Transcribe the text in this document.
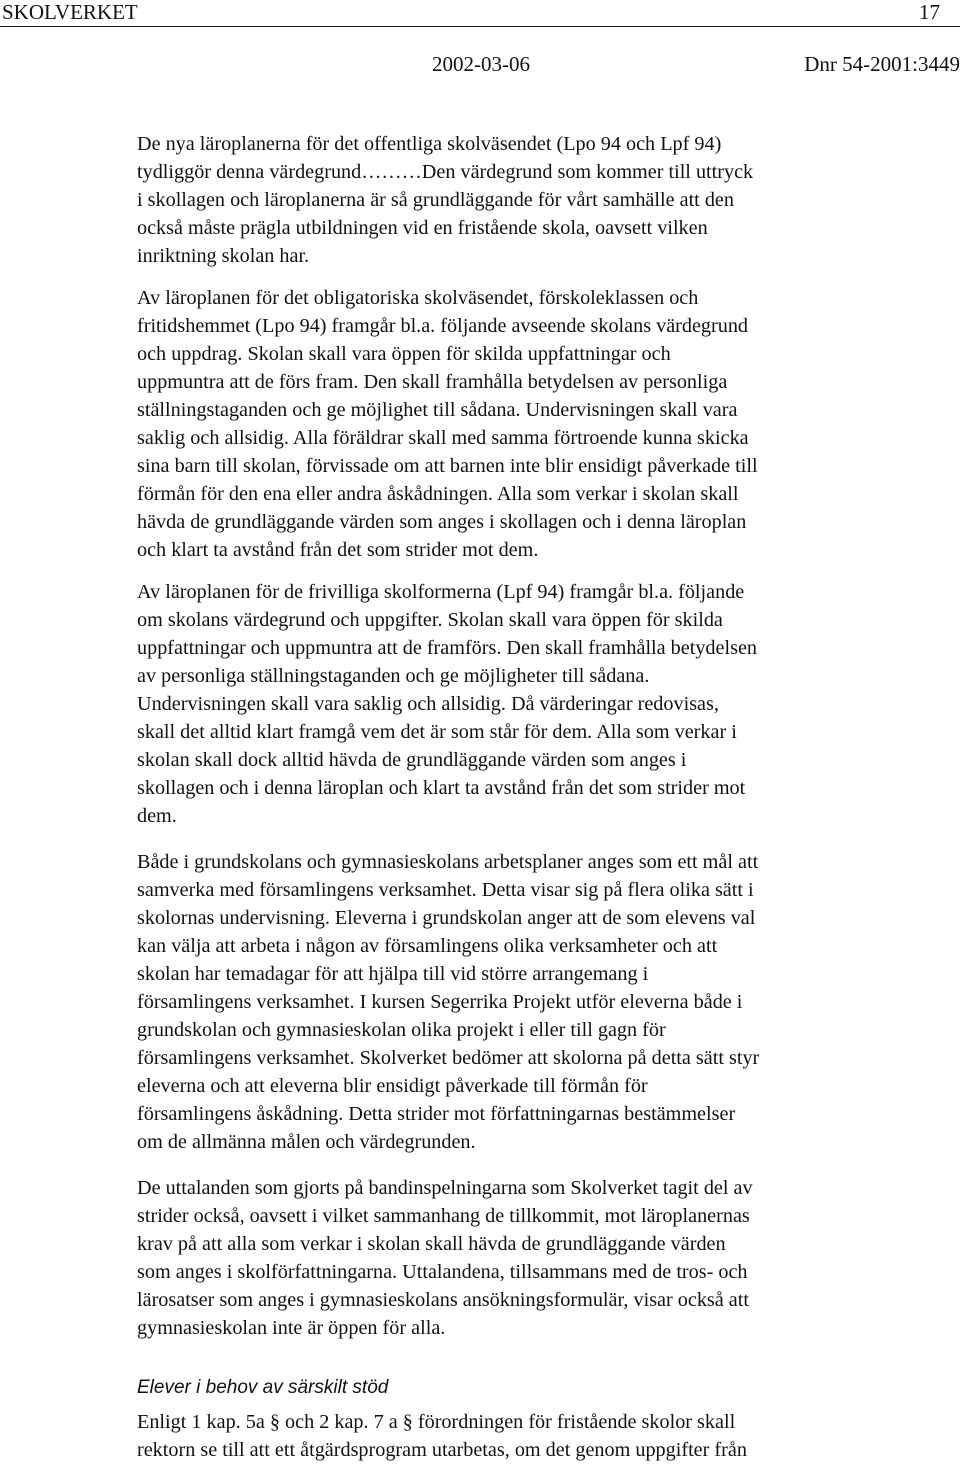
SKOLVERKET	17
2002-03-06	Dnr 54-2001:3449

De nya läroplanerna för det offentliga skolväsendet (Lpo 94 och Lpf 94)
tydliggör denna värdegrund………Den värdegrund som kommer till uttryck
i skollagen och läroplanerna är så grundläggande för vårt samhälle att den
också måste prägla utbildningen vid en fristående skola, oavsett vilken
inriktning skolan har.

Av läroplanen för det obligatoriska skolväsendet, förskoleklassen och
fritidshemmet (Lpo 94) framgår bl.a. följande avseende skolans värdegrund
och uppdrag. Skolan skall vara öppen för skilda uppfattningar och
uppmuntra att de förs fram. Den skall framhålla betydelsen av personliga
ställningstaganden och ge möjlighet till sådana. Undervisningen skall vara
saklig och allsidig. Alla föräldrar skall med samma förtroende kunna skicka
sina barn till skolan, förvissade om att barnen inte blir ensidigt påverkade till
förmån för den ena eller andra åskådningen. Alla som verkar i skolan skall
hävda de grundläggande värden som anges i skollagen och i denna läroplan
och klart ta avstånd från det som strider mot dem.

Av läroplanen för de frivilliga skolformerna (Lpf 94) framgår bl.a. följande
om skolans värdegrund och uppgifter. Skolan skall vara öppen för skilda
uppfattningar och uppmuntra att de framförs. Den skall framhålla betydelsen
av personliga ställningstaganden och ge möjligheter till sådana.
Undervisningen skall vara saklig och allsidig. Då värderingar redovisas,
skall det alltid klart framgå vem det är som står för dem. Alla som verkar i
skolan skall dock alltid hävda de grundläggande värden som anges i
skollagen och i denna läroplan och klart ta avstånd från det som strider mot
dem.

Både i grundskolans och gymnasieskolans arbetsplaner anges som ett mål att
samverka med församlingens verksamhet. Detta visar sig på flera olika sätt i
skolornas undervisning. Eleverna i grundskolan anger att de som elevens val
kan välja att arbeta i någon av församlingens olika verksamheter och att
skolan har temadagar för att hjälpa till vid större arrangemang i
församlingens verksamhet. I kursen Segerrika Projekt utför eleverna både i
grundskolan och gymnasieskolan olika projekt i eller till gagn för
församlingens verksamhet. Skolverket bedömer att skolorna på detta sätt styr
eleverna och att eleverna blir ensidigt påverkade till förmån för
församlingens åskådning. Detta strider mot författningarnas bestämmelser
om de allmänna målen och värdegrunden.

De uttalanden som gjorts på bandinspelningarna som Skolverket tagit del av
strider också, oavsett i vilket sammanhang de tillkommit, mot läroplanernas
krav på att alla som verkar i skolan skall hävda de grundläggande värden
som anges i skolförfattningarna. Uttalandena, tillsammans med de tros- och
lärosatser som anges i gymnasieskolans ansökningsformulär, visar också att
gymnasieskolan inte är öppen för alla.

Elever i behov av särskilt stöd

Enligt 1 kap. 5a § och 2 kap. 7 a § förordningen för fristående skolor skall
rektorn se till att ett åtgärdsprogram utarbetas, om det genom uppgifter från
